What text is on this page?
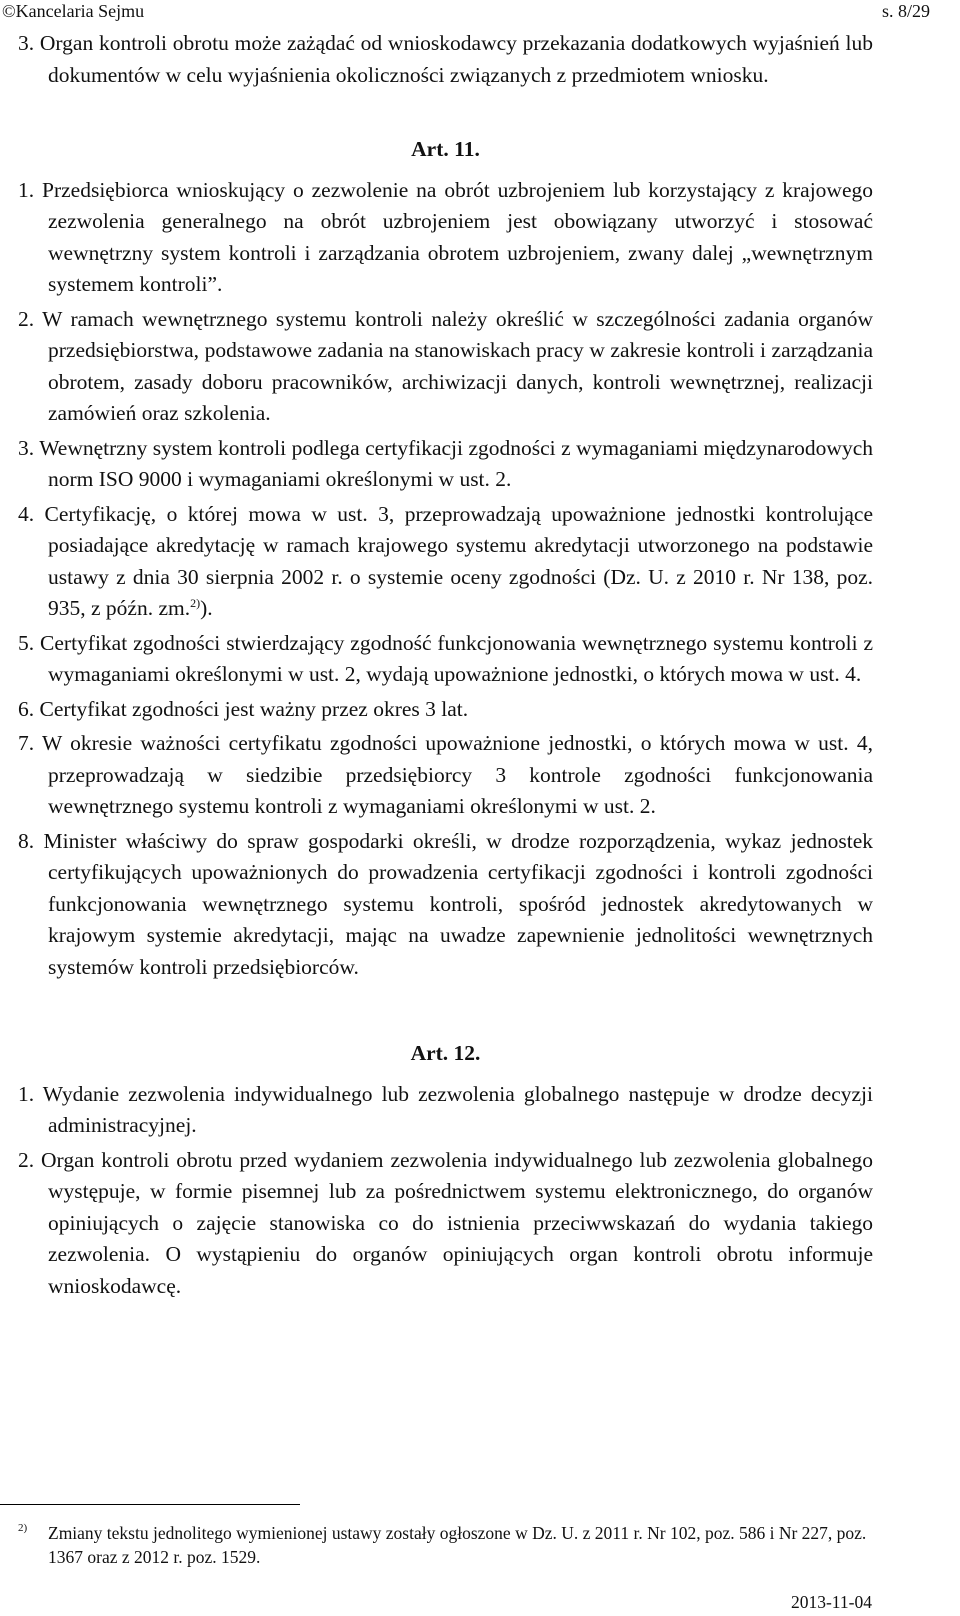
©Kancelaria Sejmu	s. 8/29

3. Organ kontroli obrotu może zażądać od wnioskodawcy przekazania dodatkowych wyjaśnień lub dokumentów w celu wyjaśnienia okoliczności związanych z przedmiotem wniosku.

Art. 11.

1. Przedsiębiorca wnioskujący o zezwolenie na obrót uzbrojeniem lub korzystający z krajowego zezwolenia generalnego na obrót uzbrojeniem jest obowiązany utworzyć i stosować wewnętrzny system kontroli i zarządzania obrotem uzbrojeniem, zwany dalej „wewnętrznym systemem kontroli”.

2. W ramach wewnętrznego systemu kontroli należy określić w szczególności zadania organów przedsiębiorstwa, podstawowe zadania na stanowiskach pracy w zakresie kontroli i zarządzania obrotem, zasady doboru pracowników, archiwizacji danych, kontroli wewnętrznej, realizacji zamówień oraz szkolenia.

3. Wewnętrzny system kontroli podlega certyfikacji zgodności z wymaganiami międzynarodowych norm ISO 9000 i wymaganiami określonymi w ust. 2.

4. Certyfikację, o której mowa w ust. 3, przeprowadzają upoważnione jednostki kontrolujące posiadające akredytację w ramach krajowego systemu akredytacji utworzonego na podstawie ustawy z dnia 30 sierpnia 2002 r. o systemie oceny zgodności (Dz. U. z 2010 r. Nr 138, poz. 935, z późn. zm.$^{2)}$).

5. Certyfikat zgodności stwierdzający zgodność funkcjonowania wewnętrznego systemu kontroli z wymaganiami określonymi w ust. 2, wydają upoważnione jednostki, o których mowa w ust. 4.

6. Certyfikat zgodności jest ważny przez okres 3 lat.

7. W okresie ważności certyfikatu zgodności upoważnione jednostki, o których mowa w ust. 4, przeprowadzają w siedzibie przedsiębiorcy 3 kontrole zgodności funkcjonowania wewnętrznego systemu kontroli z wymaganiami określonymi w ust. 2.

8. Minister właściwy do spraw gospodarki określi, w drodze rozporządzenia, wykaz jednostek certyfikujących upoważnionych do prowadzenia certyfikacji zgodności i kontroli zgodności funkcjonowania wewnętrznego systemu kontroli, spośród jednostek akredytowanych w krajowym systemie akredytacji, mając na uwadze zapewnienie jednolitości wewnętrznych systemów kontroli przedsiębiorców.

Art. 12.

1. Wydanie zezwolenia indywidualnego lub zezwolenia globalnego następuje w drodze decyzji administracyjnej.

2. Organ kontroli obrotu przed wydaniem zezwolenia indywidualnego lub zezwolenia globalnego występuje, w formie pisemnej lub za pośrednictwem systemu elektronicznego, do organów opiniujących o zajęcie stanowiska co do istnienia przeciwwskazań do wydania takiego zezwolenia. O wystąpieniu do organów opiniujących organ kontroli obrotu informuje wnioskodawcę.

2) Zmiany tekstu jednolitego wymienionej ustawy zostały ogłoszone w Dz. U. z 2011 r. Nr 102, poz. 586 i Nr 227, poz. 1367 oraz z 2012 r. poz. 1529.
2013-11-04
